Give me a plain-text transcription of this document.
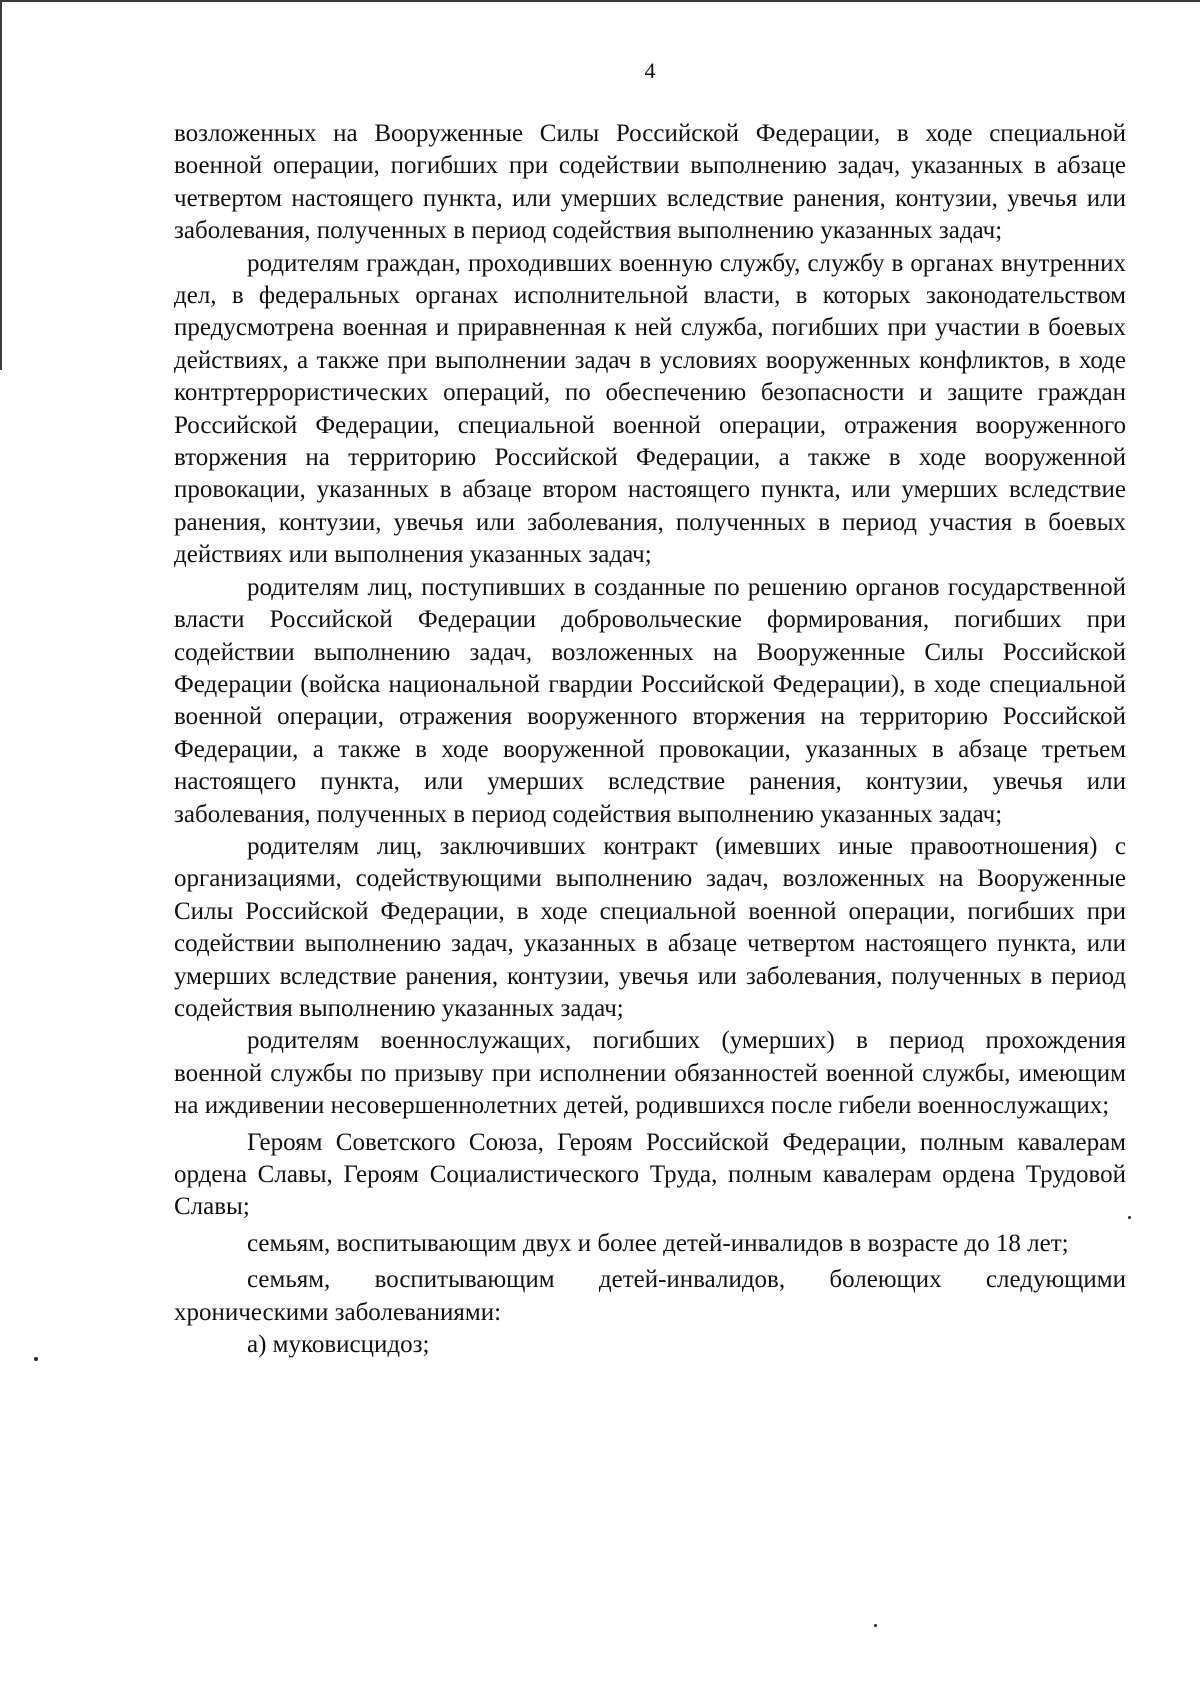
4

возложенных на Вооруженные Силы Российской Федерации, в ходе специальной военной операции, погибших при содействии выполнению задач, указанных в абзаце четвертом настоящего пункта, или умерших вследствие ранения, контузии, увечья или заболевания, полученных в период содействия выполнению указанных задач;

родителям граждан, проходивших военную службу, службу в органах внутренних дел, в федеральных органах исполнительной власти, в которых законодательством предусмотрена военная и приравненная к ней служба, погибших при участии в боевых действиях, а также при выполнении задач в условиях вооруженных конфликтов, в ходе контртеррористических операций, по обеспечению безопасности и защите граждан Российской Федерации, специальной военной операции, отражения вооруженного вторжения на территорию Российской Федерации, а также в ходе вооруженной провокации, указанных в абзаце втором настоящего пункта, или умерших вследствие ранения, контузии, увечья или заболевания, полученных в период участия в боевых действиях или выполнения указанных задач;

родителям лиц, поступивших в созданные по решению органов государственной власти Российской Федерации добровольческие формирования, погибших при содействии выполнению задач, возложенных на Вооруженные Силы Российской Федерации (войска национальной гвардии Российской Федерации), в ходе специальной военной операции, отражения вооруженного вторжения на территорию Российской Федерации, а также в ходе вооруженной провокации, указанных в абзаце третьем настоящего пункта, или умерших вследствие ранения, контузии, увечья или заболевания, полученных в период содействия выполнению указанных задач;

родителям лиц, заключивших контракт (имевших иные правоотношения) с организациями, содействующими выполнению задач, возложенных на Вооруженные Силы Российской Федерации, в ходе специальной военной операции, погибших при содействии выполнению задач, указанных в абзаце четвертом настоящего пункта, или умерших вследствие ранения, контузии, увечья или заболевания, полученных в период содействия выполнению указанных задач;

родителям военнослужащих, погибших (умерших) в период прохождения военной службы по призыву при исполнении обязанностей военной службы, имеющим на иждивении несовершеннолетних детей, родившихся после гибели военнослужащих;

Героям Советского Союза, Героям Российской Федерации, полным кавалерам ордена Славы, Героям Социалистического Труда, полным кавалерам ордена Трудовой Славы;

семьям, воспитывающим двух и более детей-инвалидов в возрасте до 18 лет;

семьям, воспитывающим детей-инвалидов, болеющих следующими хроническими заболеваниями:

а) муковисцидоз;
